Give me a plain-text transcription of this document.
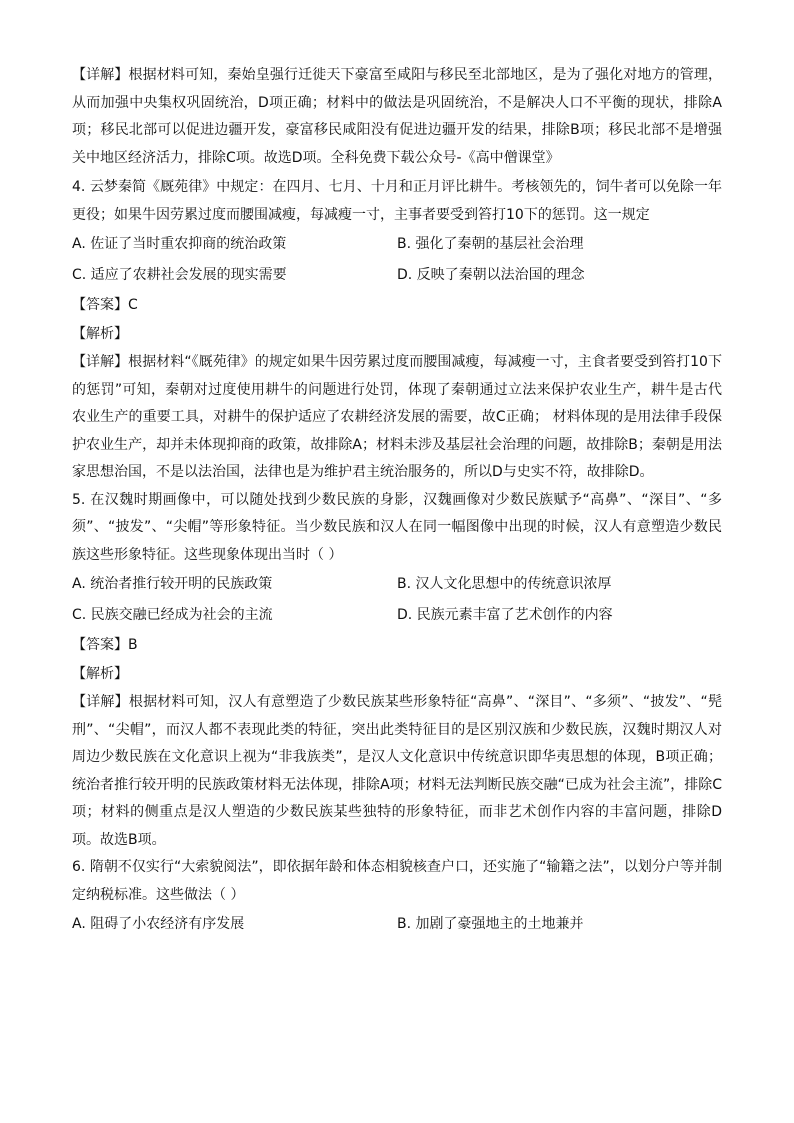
【详解】根据材料可知，秦始皇强行迁徙天下豪富至咸阳与移民至北部地区，是为了强化对地方的管理，从而加强中央集权巩固统治，D项正确；材料中的做法是巩固统治，不是解决人口不平衡的现状，排除A项；移民北部可以促进边疆开发，豪富移民咸阳没有促进边疆开发的结果，排除B项；移民北部不是增强关中地区经济活力，排除C项。故选D项。全科免费下载公众号-《高中僧课堂》

4. 云梦秦简《厩苑律》中规定：在四月、七月、十月和正月评比耕牛。考核领先的，饲牛者可以免除一年更役；如果牛因劳累过度而腰围减瘦，每减瘦一寸，主事者要受到笞打10下的惩罚。这一规定

A. 佐证了当时重农抑商的统治政策	B. 强化了秦朝的基层社会治理
C. 适应了农耕社会发展的现实需要	D. 反映了秦朝以法治国的理念
【答案】C
【解析】

【详解】根据材料“《厩苑律》的规定如果牛因劳累过度而腰围减瘦，每减瘦一寸，主食者要受到笞打10下的惩罚”可知，秦朝对过度使用耕牛的问题进行处罚，体现了秦朝通过立法来保护农业生产，耕牛是古代农业生产的重要工具，对耕牛的保护适应了农耕经济发展的需要，故C正确； 材料体现的是用法律手段保护农业生产，却并未体现抑商的政策，故排除A；材料未涉及基层社会治理的问题，故排除B；秦朝是用法家思想治国，不是以法治国，法律也是为维护君主统治服务的，所以D与史实不符，故排除D。

5. 在汉魏时期画像中，可以随处找到少数民族的身影，汉魏画像对少数民族赋予“高鼻”、“深目”、“多须”、“披发”、“尖帽”等形象特征。当少数民族和汉人在同一幅图像中出现的时候，汉人有意塑造少数民族这些形象特征。这些现象体现出当时（ ）

A. 统治者推行较开明的民族政策	B. 汉人文化思想中的传统意识浓厚
C. 民族交融已经成为社会的主流	D. 民族元素丰富了艺术创作的内容
【答案】B
【解析】

【详解】根据材料可知，汉人有意塑造了少数民族某些形象特征“高鼻”、“深目”、“多须”、“披发”、“髡刑”、“尖帽”，而汉人都不表现此类的特征，突出此类特征目的是区别汉族和少数民族，汉魏时期汉人对周边少数民族在文化意识上视为“非我族类”，是汉人文化意识中传统意识即华夷思想的体现，B项正确；统治者推行较开明的民族政策材料无法体现，排除A项；材料无法判断民族交融“已成为社会主流”，排除C项；材料的侧重点是汉人塑造的少数民族某些独特的形象特征，而非艺术创作内容的丰富问题，排除D项。故选B项。

6. 隋朝不仅实行“大索貌阅法”，即依据年龄和体态相貌核查户口，还实施了“输籍之法”，以划分户等并制定纳税标准。这些做法（ ）

A. 阻碍了小农经济有序发展	B. 加剧了豪强地主的土地兼并
